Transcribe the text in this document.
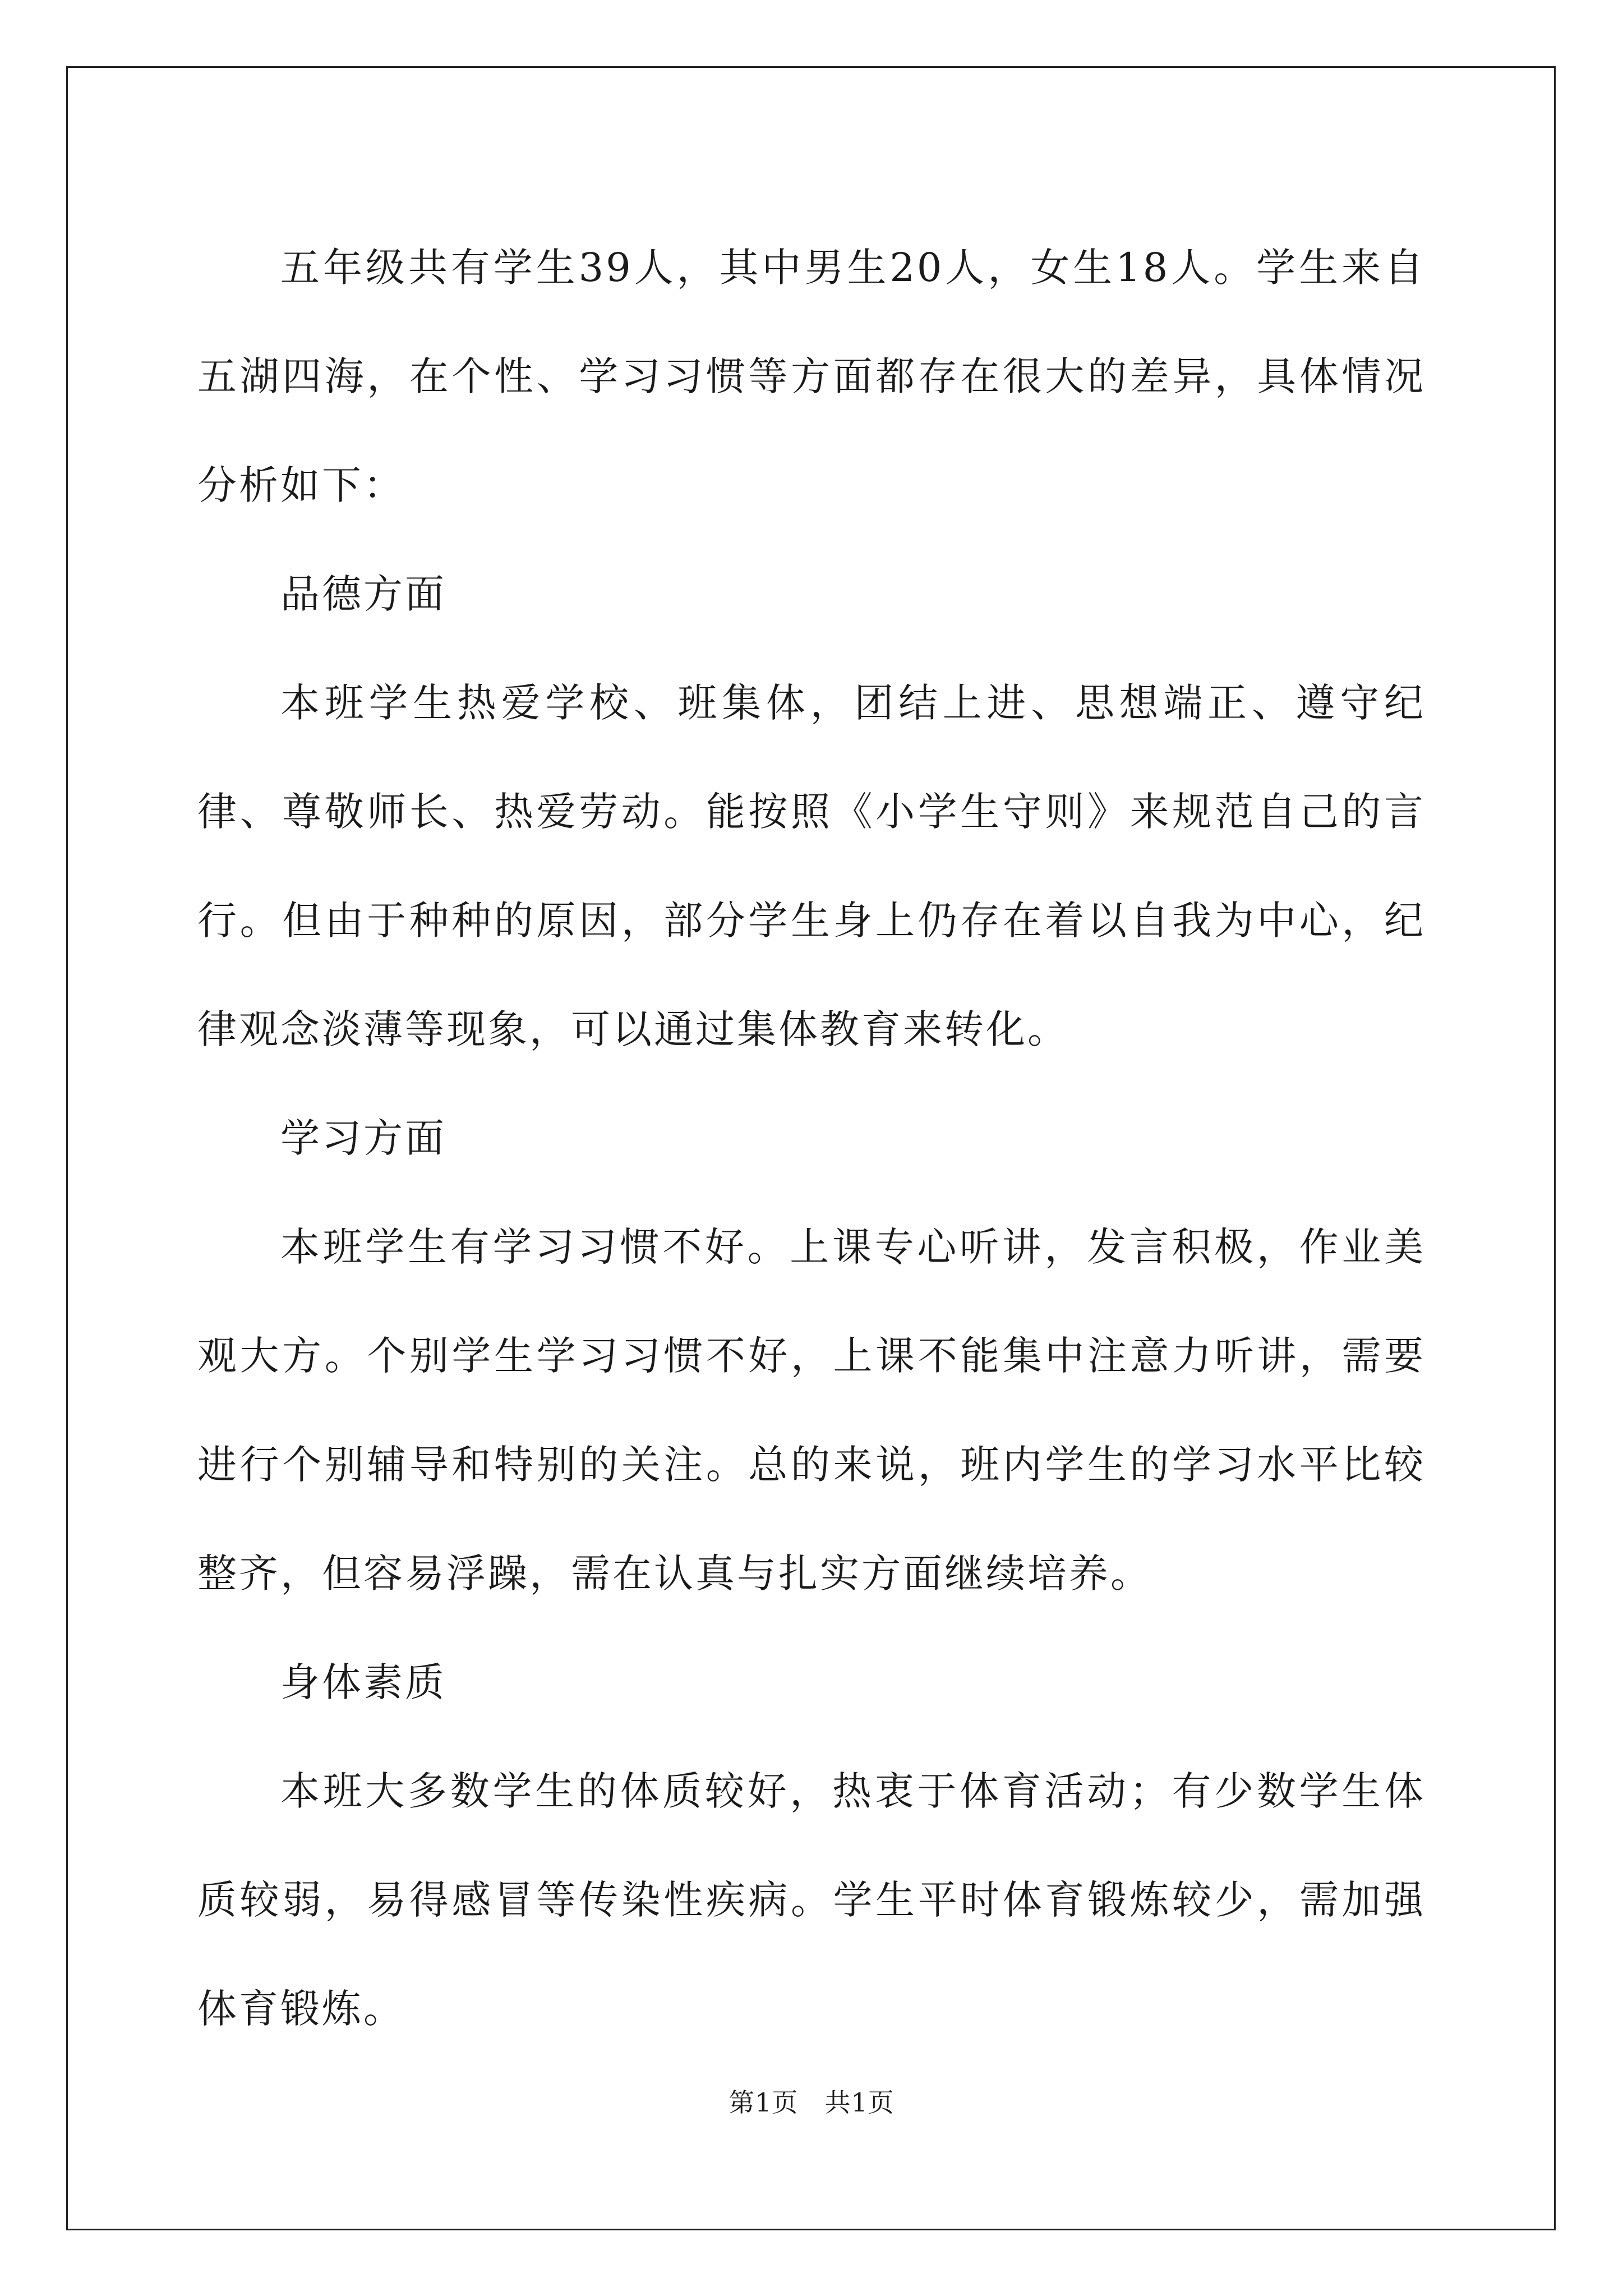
五年级共有学生39人，其中男生20人，女生18人。学生来自五湖四海，在个性、学习习惯等方面都存在很大的差异，具体情况分析如下：

品德方面

本班学生热爱学校、班集体，团结上进、思想端正、遵守纪律、尊敬师长、热爱劳动。能按照《小学生守则》来规范自己的言行。但由于种种的原因，部分学生身上仍存在着以自我为中心，纪律观念淡薄等现象，可以通过集体教育来转化。

学习方面

本班学生有学习习惯不好。上课专心听讲，发言积极，作业美观大方。个别学生学习习惯不好，上课不能集中注意力听讲，需要进行个别辅导和特别的关注。总的来说，班内学生的学习水平比较整齐，但容易浮躁，需在认真与扎实方面继续培养。

身体素质

本班大多数学生的体质较好，热衷于体育活动；有少数学生体质较弱，易得感冒等传染性疾病。学生平时体育锻炼较少，需加强体育锻炼。

第1页 共1页
